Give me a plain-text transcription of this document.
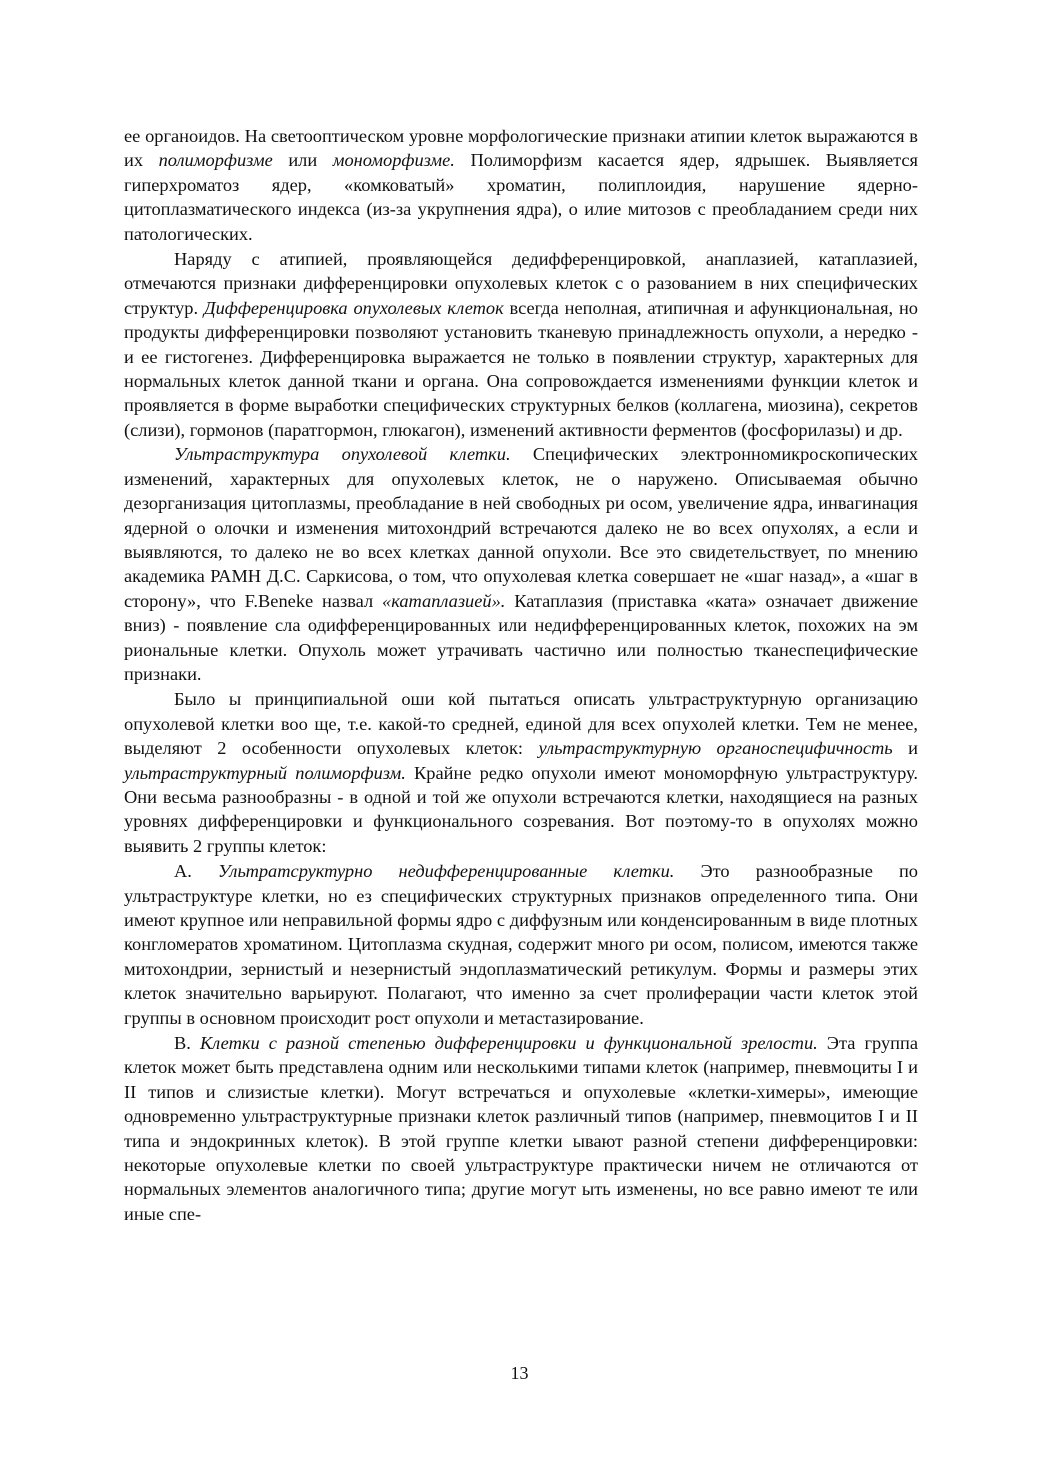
ее органоидов. На светооптическом уровне морфологические признаки атипии клеток выражаются в их полиморфизме или мономорфизме. Полиморфизм касается ядер, ядрышек. Выявляется гиперхроматоз ядер, «комковатый» хроматин, полиплоидия, нарушение ядерно-цитоплазматического индекса (из-за укрупнения ядра), о илие митозов с преобладанием среди них патологических.

Наряду с атипией, проявляющейся дедифференцировкой, анаплазией, катаплазией, отмечаются признаки дифференцировки опухолевых клеток с о разованием в них специфических структур. Дифференцировка опухолевых клеток всегда неполная, атипичная и афункциональная, но продукты дифференцировки позволяют установить тканевую принадлежность опухоли, а нередко - и ее гистогенез. Дифференцировка выражается не только в появлении структур, характерных для нормальных клеток данной ткани и органа. Она сопровождается изменениями функции клеток и проявляется в форме выработки специфических структурных белков (коллагена, миозина), секретов (слизи), гормонов (паратгормон, глюкагон), изменений активности ферментов (фосфорилазы) и др.

Ультраструктура опухолевой клетки. Специфических электронномикроскопических изменений, характерных для опухолевых клеток, не о наружено. Описываемая обычно дезорганизация цитоплазмы, преобладание в ней свободных ри осом, увеличение ядра, инвагинация ядерной о олочки и изменения митохондрий встречаются далеко не во всех опухолях, а если и выявляются, то далеко не во всех клетках данной опухоли. Все это свидетельствует, по мнению академика РАМН Д.С. Саркисова, о том, что опухолевая клетка совершает не «шаг назад», а «шаг в сторону», что F.Beneke назвал «катаплазией». Катаплазия (приставка «ката» означает движение вниз) - появление сла одифференцированных или недифференцированных клеток, похожих на эм риональные клетки. Опухоль может утрачивать частично или полностью тканеспецифические признаки.

Было ы принципиальной оши кой пытаться описать ультраструктурную организацию опухолевой клетки воо ще, т.е. какой-то средней, единой для всех опухолей клетки. Тем не менее, выделяют 2 особенности опухолевых клеток: ультраструктурную органоспецифичность и ультраструктурный полиморфизм. Крайне редко опухоли имеют мономорфную ультраструктуру. Они весьма разнообразны - в одной и той же опухоли встречаются клетки, находящиеся на разных уровнях дифференцировки и функционального созревания. Вот поэтому-то в опухолях можно выявить 2 группы клеток:

А. Ультратсруктурно недифференцированные клетки. Это разнообразные по ультраструктуре клетки, но ез специфических структурных признаков определенного типа. Они имеют крупное или неправильной формы ядро с диффузным или конденсированным в виде плотных конгломератов хроматином. Цитоплазма скудная, содержит много ри осом, полисом, имеются также митохондрии, зернистый и незернистый эндоплазматический ретикулум. Формы и размеры этих клеток значительно варьируют. Полагают, что именно за счет пролиферации части клеток этой группы в основном происходит рост опухоли и метастазирование.

В. Клетки с разной степенью дифференцировки и функциональной зрелости. Эта группа клеток может быть представлена одним или несколькими типами клеток (например, пневмоциты I и II типов и слизистые клетки). Могут встречаться и опухолевые «клетки-химеры», имеющие одновременно ультраструктурные признаки клеток различный типов (например, пневмоцитов I и II типа и эндокринных клеток). В этой группе клетки ывают разной степени дифференцировки: некоторые опухолевые клетки по своей ультраструктуре практически ничем не отличаются от нормальных элементов аналогичного типа; другие могут ыть изменены, но все равно имеют те или иные спе-

13
